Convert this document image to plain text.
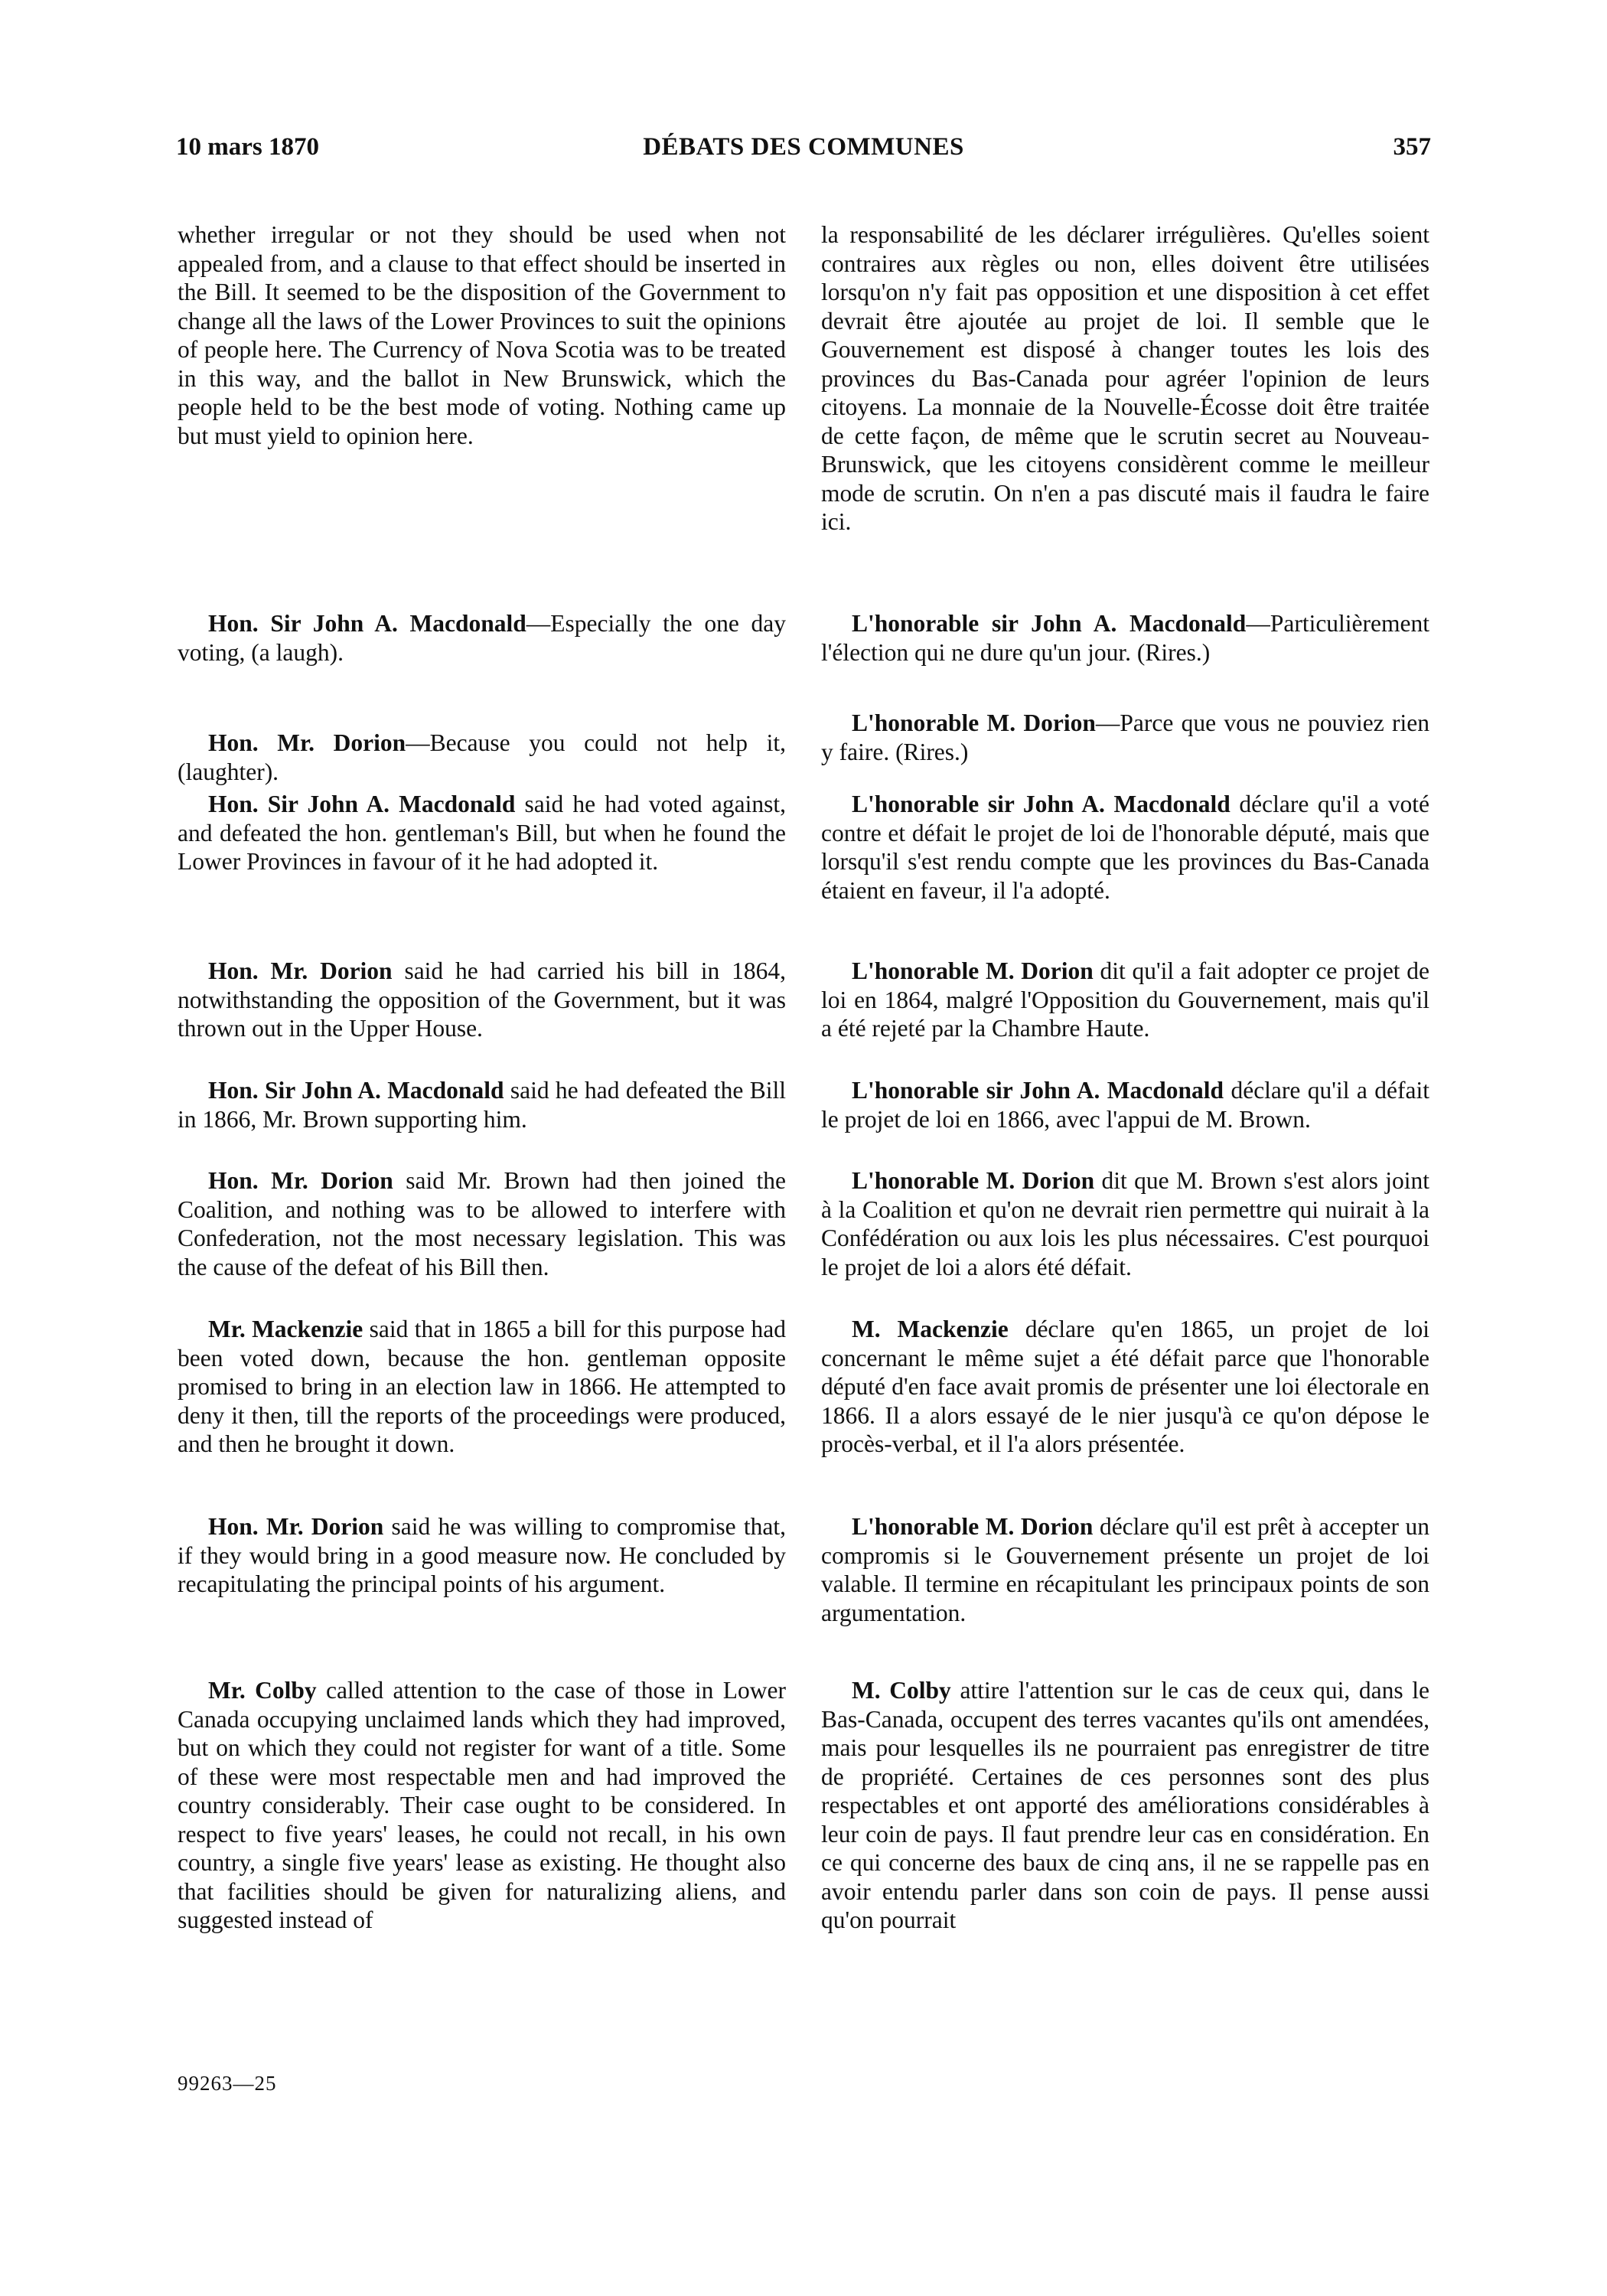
10 mars 1870	DÉBATS DES COMMUNES	357

whether irregular or not they should be used when not appealed from, and a clause to that effect should be inserted in the Bill. It seemed to be the disposition of the Government to change all the laws of the Lower Provinces to suit the opinions of people here. The Currency of Nova Scotia was to be treated in this way, and the ballot in New Brunswick, which the people held to be the best mode of voting. Nothing came up but must yield to opinion here.

Hon. Sir John A. Macdonald—Especially the one day voting, (a laugh).

Hon. Mr. Dorion—Because you could not help it, (laughter).

Hon. Sir John A. Macdonald said he had voted against, and defeated the hon. gentleman's Bill, but when he found the Lower Provinces in favour of it he had adopted it.

Hon. Mr. Dorion said he had carried his bill in 1864, notwithstanding the opposition of the Government, but it was thrown out in the Upper House.

Hon. Sir John A. Macdonald said he had defeated the Bill in 1866, Mr. Brown supporting him.

Hon. Mr. Dorion said Mr. Brown had then joined the Coalition, and nothing was to be allowed to interfere with Confederation, not the most necessary legislation. This was the cause of the defeat of his Bill then.

Mr. Mackenzie said that in 1865 a bill for this purpose had been voted down, because the hon. gentleman opposite promised to bring in an election law in 1866. He attempted to deny it then, till the reports of the proceedings were produced, and then he brought it down.

Hon. Mr. Dorion said he was willing to compromise that, if they would bring in a good measure now. He concluded by recapitulating the principal points of his argument.

Mr. Colby called attention to the case of those in Lower Canada occupying unclaimed lands which they had improved, but on which they could not register for want of a title. Some of these were most respectable men and had improved the country considerably. Their case ought to be considered. In respect to five years' leases, he could not recall, in his own country, a single five years' lease as existing. He thought also that facilities should be given for naturalizing aliens, and suggested instead of

la responsabilité de les déclarer irrégulières. Qu'elles soient contraires aux règles ou non, elles doivent être utilisées lorsqu'on n'y fait pas opposition et une disposition à cet effet devrait être ajoutée au projet de loi. Il semble que le Gouvernement est disposé à changer toutes les lois des provinces du Bas-Canada pour agréer l'opinion de leurs citoyens. La monnaie de la Nouvelle-Écosse doit être traitée de cette façon, de même que le scrutin secret au Nouveau-Brunswick, que les citoyens considèrent comme le meilleur mode de scrutin. On n'en a pas discuté mais il faudra le faire ici.

L'honorable sir John A. Macdonald—Particulièrement l'élection qui ne dure qu'un jour. (Rires.)

L'honorable M. Dorion—Parce que vous ne pouviez rien y faire. (Rires.)

L'honorable sir John A. Macdonald déclare qu'il a voté contre et défait le projet de loi de l'honorable député, mais que lorsqu'il s'est rendu compte que les provinces du Bas-Canada étaient en faveur, il l'a adopté.

L'honorable M. Dorion dit qu'il a fait adopter ce projet de loi en 1864, malgré l'Opposition du Gouvernement, mais qu'il a été rejeté par la Chambre Haute.

L'honorable sir John A. Macdonald déclare qu'il a défait le projet de loi en 1866, avec l'appui de M. Brown.

L'honorable M. Dorion dit que M. Brown s'est alors joint à la Coalition et qu'on ne devrait rien permettre qui nuirait à la Confédération ou aux lois les plus nécessaires. C'est pourquoi le projet de loi a alors été défait.

M. Mackenzie déclare qu'en 1865, un projet de loi concernant le même sujet a été défait parce que l'honorable député d'en face avait promis de présenter une loi électorale en 1866. Il a alors essayé de le nier jusqu'à ce qu'on dépose le procès-verbal, et il l'a alors présentée.

L'honorable M. Dorion déclare qu'il est prêt à accepter un compromis si le Gouvernement présente un projet de loi valable. Il termine en récapitulant les principaux points de son argumentation.

M. Colby attire l'attention sur le cas de ceux qui, dans le Bas-Canada, occupent des terres vacantes qu'ils ont amendées, mais pour lesquelles ils ne pourraient pas enregistrer de titre de propriété. Certaines de ces personnes sont des plus respectables et ont apporté des améliorations considérables à leur coin de pays. Il faut prendre leur cas en considération. En ce qui concerne des baux de cinq ans, il ne se rappelle pas en avoir entendu parler dans son coin de pays. Il pense aussi qu'on pourrait

99263—25
